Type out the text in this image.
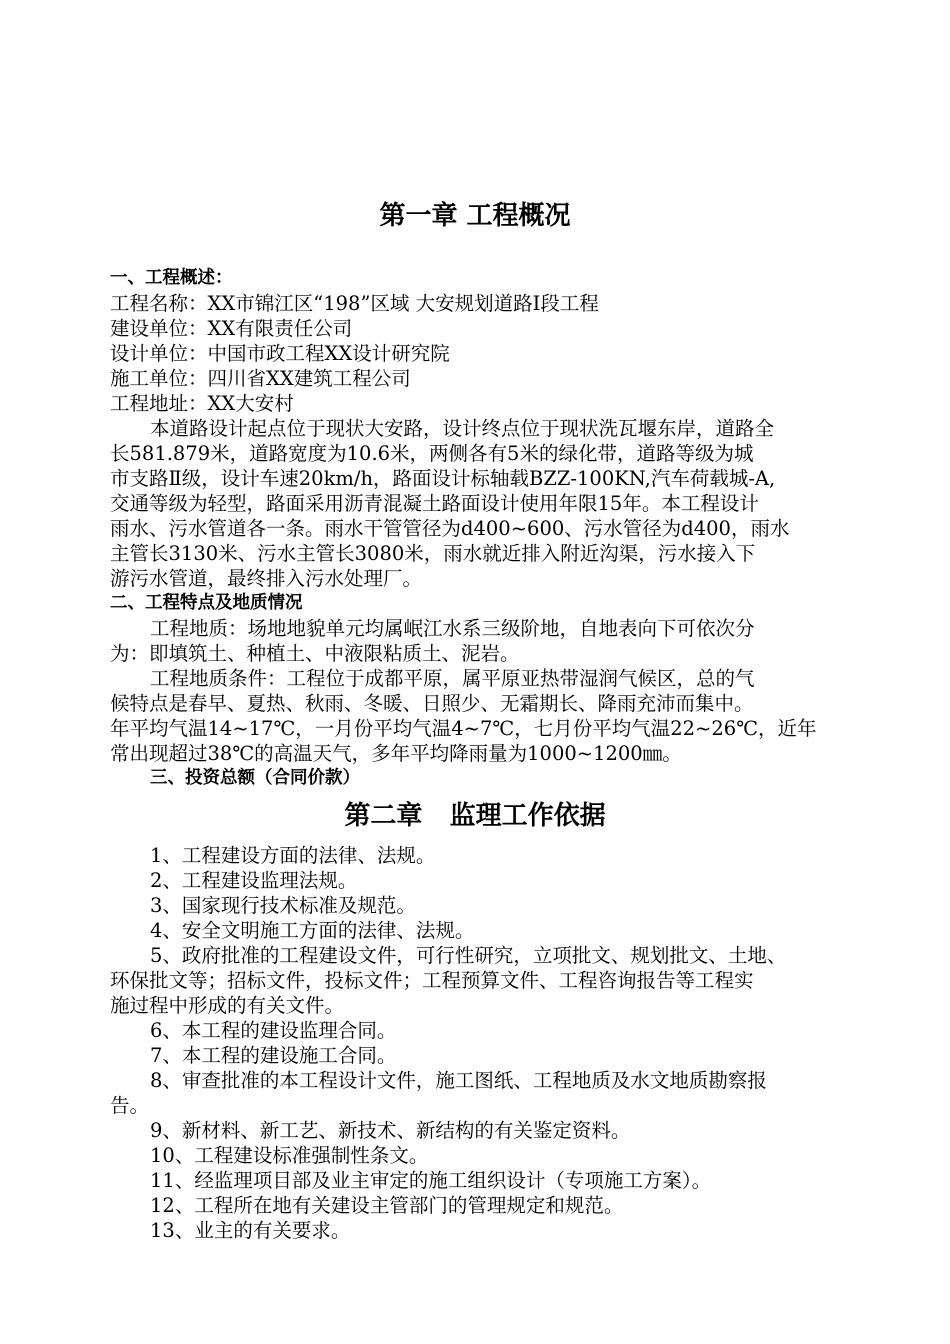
第一章 工程概况
一、工程概述：
工程名称：XX市锦江区“198”区域 大安规划道路Ⅰ段工程
建设单位：XX有限责任公司
设计单位：中国市政工程XX设计研究院
施工单位：四川省XX建筑工程公司
工程地址：XX大安村
本道路设计起点位于现状大安路，设计终点位于现状洗瓦堰东岸，道路全
长581.879米，道路宽度为10.6米，两侧各有5米的绿化带，道路等级为城
市支路Ⅱ级，设计车速20km/h，路面设计标轴载BZZ-100KN,汽车荷载城-A,
交通等级为轻型，路面采用沥青混凝土路面设计使用年限15年。本工程设计
雨水、污水管道各一条。雨水干管管径为d400~600、污水管径为d400，雨水
主管长3130米、污水主管长3080米，雨水就近排入附近沟渠，污水接入下
游污水管道，最终排入污水处理厂。
二、工程特点及地质情况
工程地质：场地地貌单元均属岷江水系三级阶地，自地表向下可依次分
为：即填筑土、种植土、中液限粘质土、泥岩。
工程地质条件：工程位于成都平原，属平原亚热带湿润气候区，总的气
候特点是春早、夏热、秋雨、冬暖、日照少、无霜期长、降雨充沛而集中。
年平均气温14~17℃，一月份平均气温4~7℃，七月份平均气温22~26℃，近年
常出现超过38℃的高温天气，多年平均降雨量为1000~1200㎜。
三、投资总额（合同价款）
第二章   监理工作依据
1、工程建设方面的法律、法规。
2、工程建设监理法规。
3、国家现行技术标准及规范。
4、安全文明施工方面的法律、法规。
5、政府批准的工程建设文件，可行性研究，立项批文、规划批文、土地、
环保批文等；招标文件，投标文件；工程预算文件、工程咨询报告等工程实
施过程中形成的有关文件。
6、本工程的建设监理合同。
7、本工程的建设施工合同。
8、审查批准的本工程设计文件，施工图纸、工程地质及水文地质勘察报
告。
9、新材料、新工艺、新技术、新结构的有关鉴定资料。
10、工程建设标准强制性条文。
11、经监理项目部及业主审定的施工组织设计（专项施工方案）。
12、工程所在地有关建设主管部门的管理规定和规范。
13、业主的有关要求。
